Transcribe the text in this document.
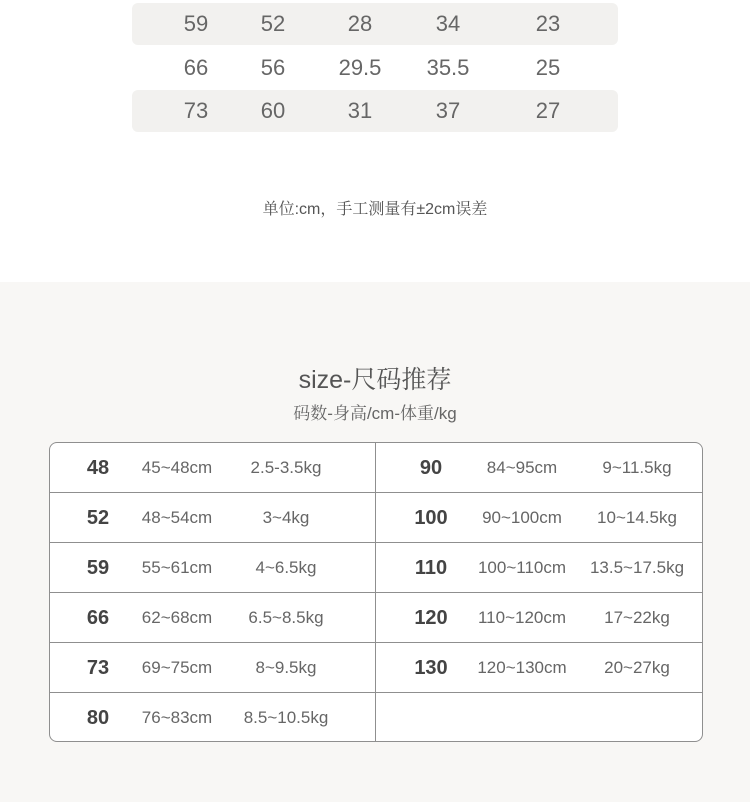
59	52	28	34	23
66	56	29.5	35.5	25
73	60	31	37	27
单位:cm，手工测量有±2cm误差
size-尺码推荐
码数-身高/cm-体重/kg
48	45~48cm	2.5-3.5kg
52	48~54cm	3~4kg
59	55~61cm	4~6.5kg
66	62~68cm	6.5~8.5kg
73	69~75cm	8~9.5kg
80	76~83cm	8.5~10.5kg
90	84~95cm	9~11.5kg
100	90~100cm	10~14.5kg
110	100~110cm	13.5~17.5kg
120	110~120cm	17~22kg
130	120~130cm	20~27kg
